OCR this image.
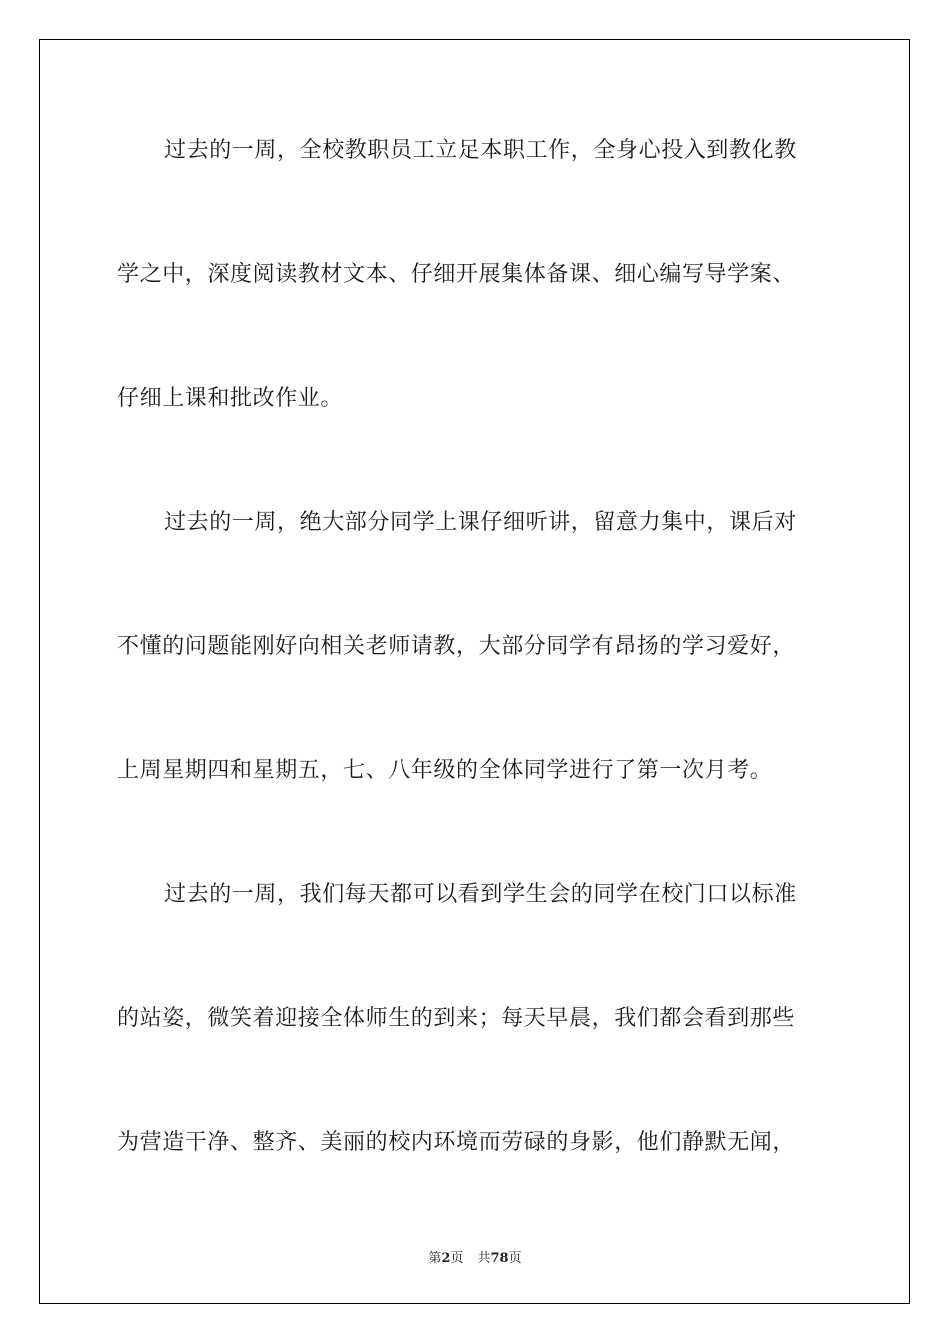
过去的一周，全校教职员工立足本职工作，全身心投入到教化教
学之中，深度阅读教材文本、仔细开展集体备课、细心编写导学案、
仔细上课和批改作业。
过去的一周，绝大部分同学上课仔细听讲，留意力集中，课后对
不懂的问题能刚好向相关老师请教，大部分同学有昂扬的学习爱好，
上周星期四和星期五，七、八年级的全体同学进行了第一次月考。
过去的一周，我们每天都可以看到学生会的同学在校门口以标准
的站姿，微笑着迎接全体师生的到来；每天早晨，我们都会看到那些
为营造干净、整齐、美丽的校内环境而劳碌的身影，他们静默无闻，
第2页 共78页
